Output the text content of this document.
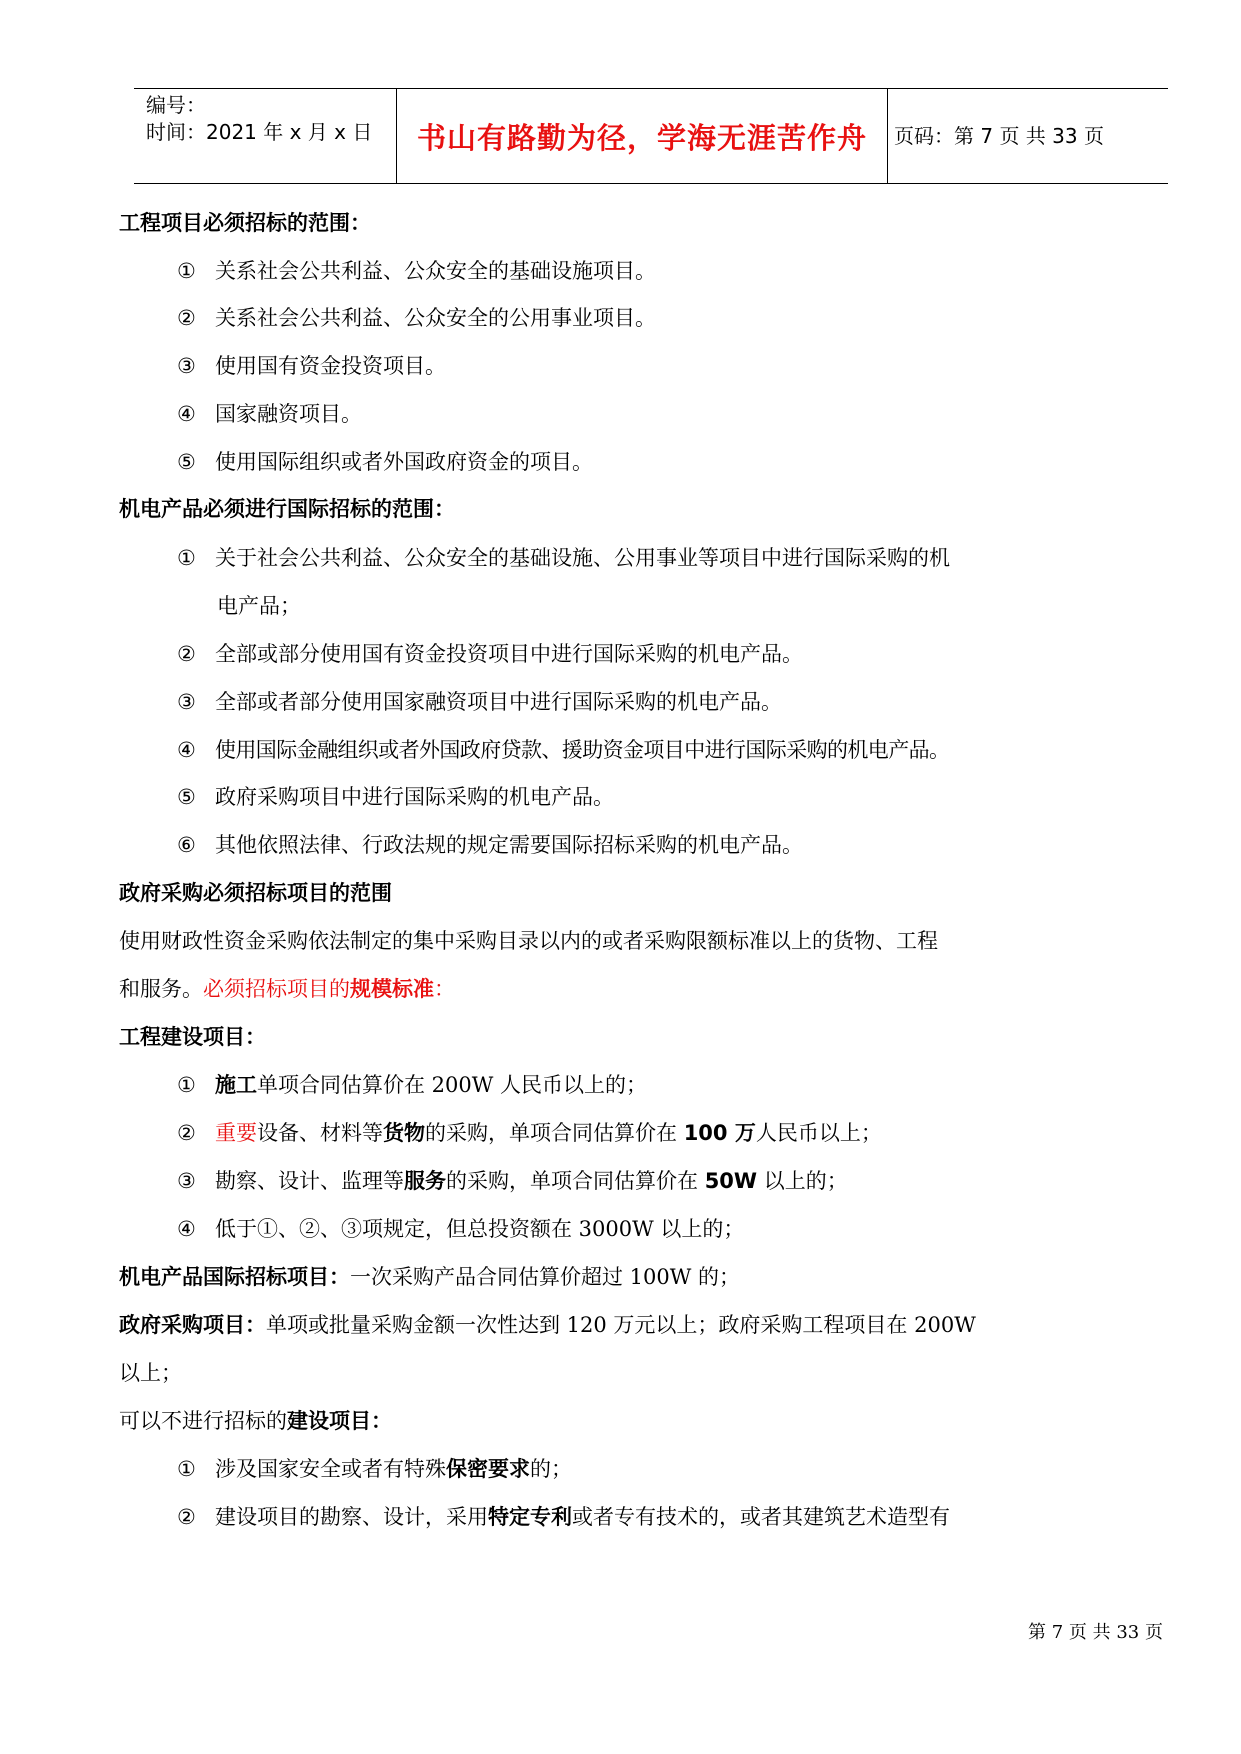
编号：
时间：2021 年 x 月 x 日	书山有路勤为径，学海无涯苦作舟	页码：第 7 页 共 33 页
工程项目必须招标的范围：
① 关系社会公共利益、公众安全的基础设施项目。
② 关系社会公共利益、公众安全的公用事业项目。
③ 使用国有资金投资项目。
④ 国家融资项目。
⑤ 使用国际组织或者外国政府资金的项目。
机电产品必须进行国际招标的范围：
① 关于社会公共利益、公众安全的基础设施、公用事业等项目中进行国际采购的机
电产品；
② 全部或部分使用国有资金投资项目中进行国际采购的机电产品。
③ 全部或者部分使用国家融资项目中进行国际采购的机电产品。
④ 使用国际金融组织或者外国政府贷款、援助资金项目中进行国际采购的机电产品。
⑤ 政府采购项目中进行国际采购的机电产品。
⑥ 其他依照法律、行政法规的规定需要国际招标采购的机电产品。
政府采购必须招标项目的范围
使用财政性资金采购依法制定的集中采购目录以内的或者采购限额标准以上的货物、工程
和服务。必须招标项目的规模标准：
工程建设项目：
① 施工单项合同估算价在 200W 人民币以上的；
② 重要设备、材料等货物的采购，单项合同估算价在 100 万人民币以上；
③ 勘察、设计、监理等服务的采购，单项合同估算价在 50W 以上的；
④ 低于①、②、③项规定，但总投资额在 3000W 以上的；
机电产品国际招标项目：一次采购产品合同估算价超过 100W 的；
政府采购项目：单项或批量采购金额一次性达到 120 万元以上；政府采购工程项目在 200W
以上；
可以不进行招标的建设项目：
① 涉及国家安全或者有特殊保密要求的；
② 建设项目的勘察、设计，采用特定专利或者专有技术的，或者其建筑艺术造型有
第 7 页 共 33 页
